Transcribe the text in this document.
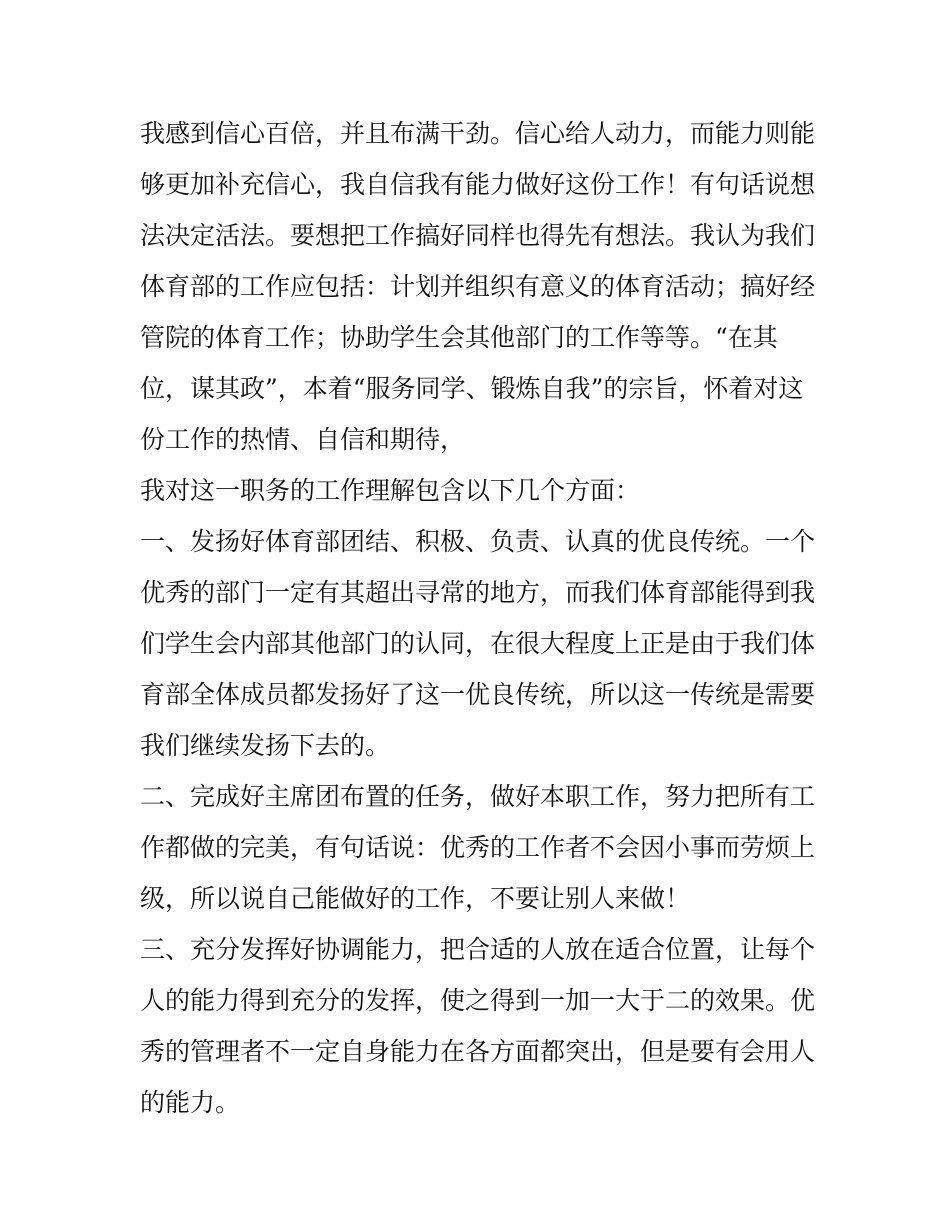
我感到信心百倍，并且布满干劲。信心给人动力，而能力则能
够更加补充信心，我自信我有能力做好这份工作！有句话说想
法决定活法。要想把工作搞好同样也得先有想法。我认为我们
体育部的工作应包括：计划并组织有意义的体育活动；搞好经
管院的体育工作；协助学生会其他部门的工作等等。“在其
位，谋其政”，本着“服务同学、锻炼自我”的宗旨，怀着对这
份工作的热情、自信和期待，
我对这一职务的工作理解包含以下几个方面：
一、发扬好体育部团结、积极、负责、认真的优良传统。一个
优秀的部门一定有其超出寻常的地方，而我们体育部能得到我
们学生会内部其他部门的认同，在很大程度上正是由于我们体
育部全体成员都发扬好了这一优良传统，所以这一传统是需要
我们继续发扬下去的。
二、完成好主席团布置的任务，做好本职工作，努力把所有工
作都做的完美，有句话说：优秀的工作者不会因小事而劳烦上
级，所以说自己能做好的工作，不要让别人来做！
三、充分发挥好协调能力，把合适的人放在适合位置，让每个
人的能力得到充分的发挥，使之得到一加一大于二的效果。优
秀的管理者不一定自身能力在各方面都突出，但是要有会用人
的能力。
